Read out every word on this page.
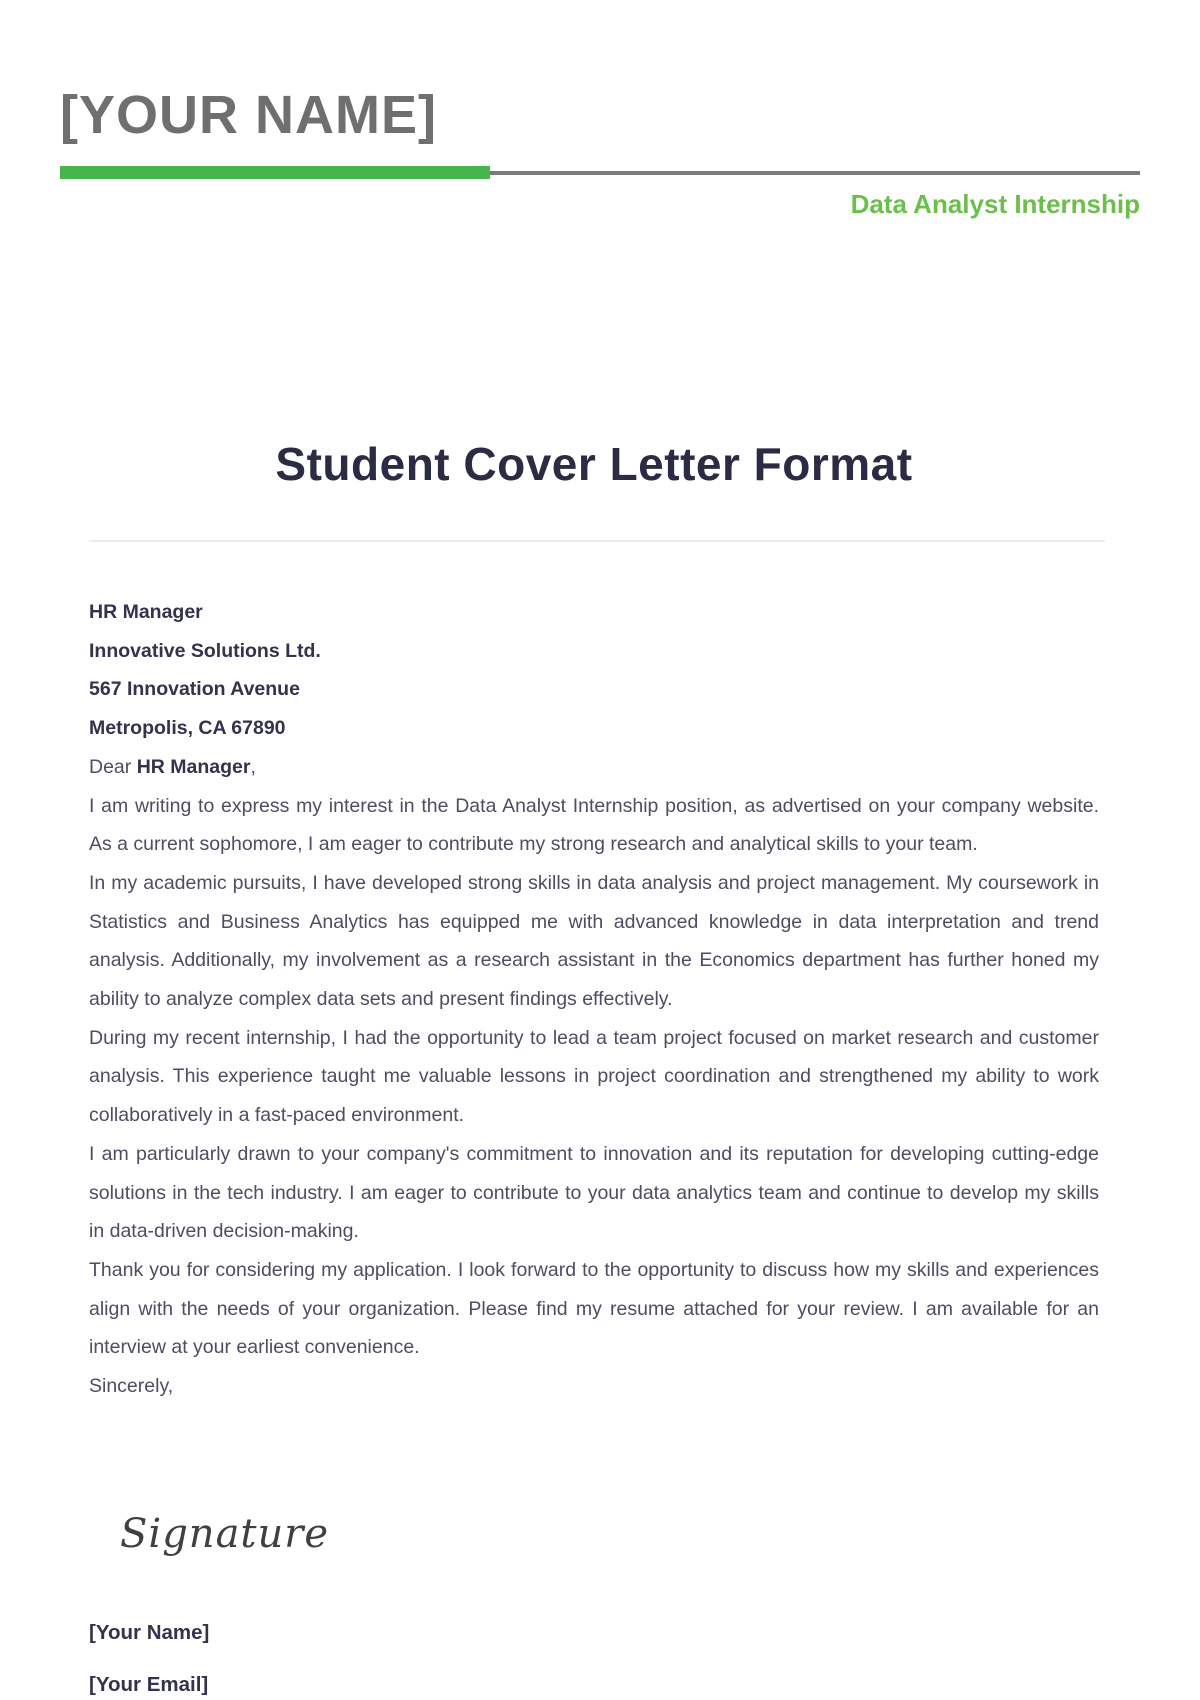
[YOUR NAME]
Data Analyst Internship
Student Cover Letter Format

HR Manager

Innovative Solutions Ltd.

567 Innovation Avenue

Metropolis, CA 67890

Dear HR Manager,

I am writing to express my interest in the Data Analyst Internship position, as advertised on your company website. As a current sophomore, I am eager to contribute my strong research and analytical skills to your team.

In my academic pursuits, I have developed strong skills in data analysis and project management. My coursework in Statistics and Business Analytics has equipped me with advanced knowledge in data interpretation and trend analysis. Additionally, my involvement as a research assistant in the Economics department has further honed my ability to analyze complex data sets and present findings effectively.

During my recent internship, I had the opportunity to lead a team project focused on market research and customer analysis. This experience taught me valuable lessons in project coordination and strengthened my ability to work collaboratively in a fast-paced environment.

I am particularly drawn to your company's commitment to innovation and its reputation for developing cutting-edge solutions in the tech industry. I am eager to contribute to your data analytics team and continue to develop my skills in data-driven decision-making.

Thank you for considering my application. I look forward to the opportunity to discuss how my skills and experiences align with the needs of your organization. Please find my resume attached for your review. I am available for an interview at your earliest convenience.

Sincerely,

Signature

[Your Name]

[Your Email]
